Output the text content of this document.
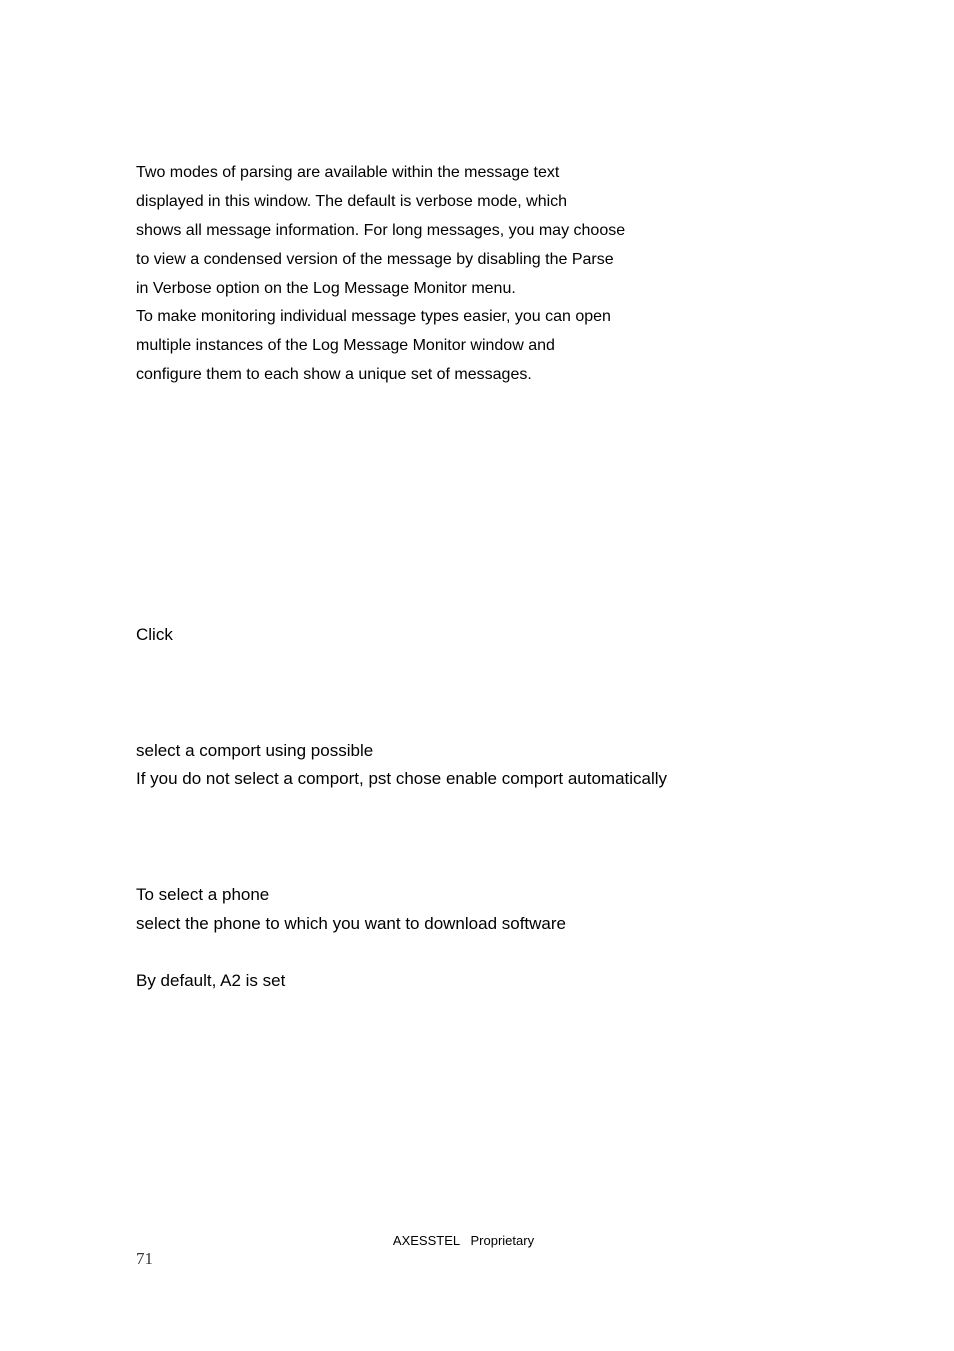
Two modes of parsing are available within the message text
displayed in this window. The default is verbose mode, which
shows all message information. For long messages, you may choose
to view a condensed version of the message by disabling the Parse
in Verbose option on the Log Message Monitor menu.
To make monitoring individual message types easier, you can open
multiple instances of the Log Message Monitor window and
configure them to each show a unique set of messages.
Click
select a comport using possible
If you do not select a comport, pst chose enable comport automatically
To select a phone
select the phone to which you want to download software
By default, A2 is set
AXESSTEL Proprietary
71
